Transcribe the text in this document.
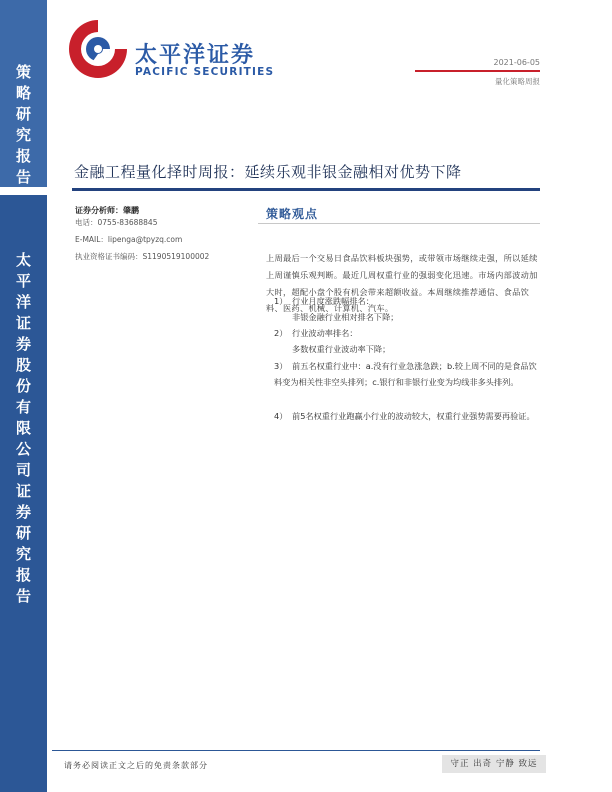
策
略
研
究
报
告
太
平
洋
证
券
股
份
有
限
公
司
证
券
研
究
报
告
太平洋证券
PACIFIC SECURITIES
2021-06-05
量化策略周报
金融工程量化择时周报：延续乐观非银金融相对优势下降
证券分析师：肇鹏
电话：0755-83688845
E-MAIL：lipenga@tpyzq.com
执业资格证书编码：S1190519100002
策略观点
上周最后一个交易日食品饮料板块强势，或带领市场继续走强，所以延续上周谨慎乐观判断。最近几周权重行业的强弱变化迅速。市场内部波动加大时，超配小盘个股有机会带来超额收益。本周继续推荐通信、食品饮料、医药、机械、计算机、汽车。
1） 行业月度涨跌幅排名：
非银金融行业相对排名下降；
2） 行业波动率排名：
多数权重行业波动率下降；
3） 前五名权重行业中：a.没有行业急涨急跌；b.较上周不同的是食品饮料变为相关性非空头排列；c.银行和非银行业变为均线非多头排列。
4） 前5名权重行业跑赢小行业的波动较大，权重行业强势需要再验证。
请务必阅读正文之后的免责条款部分	守正 出奇 宁静 致远
